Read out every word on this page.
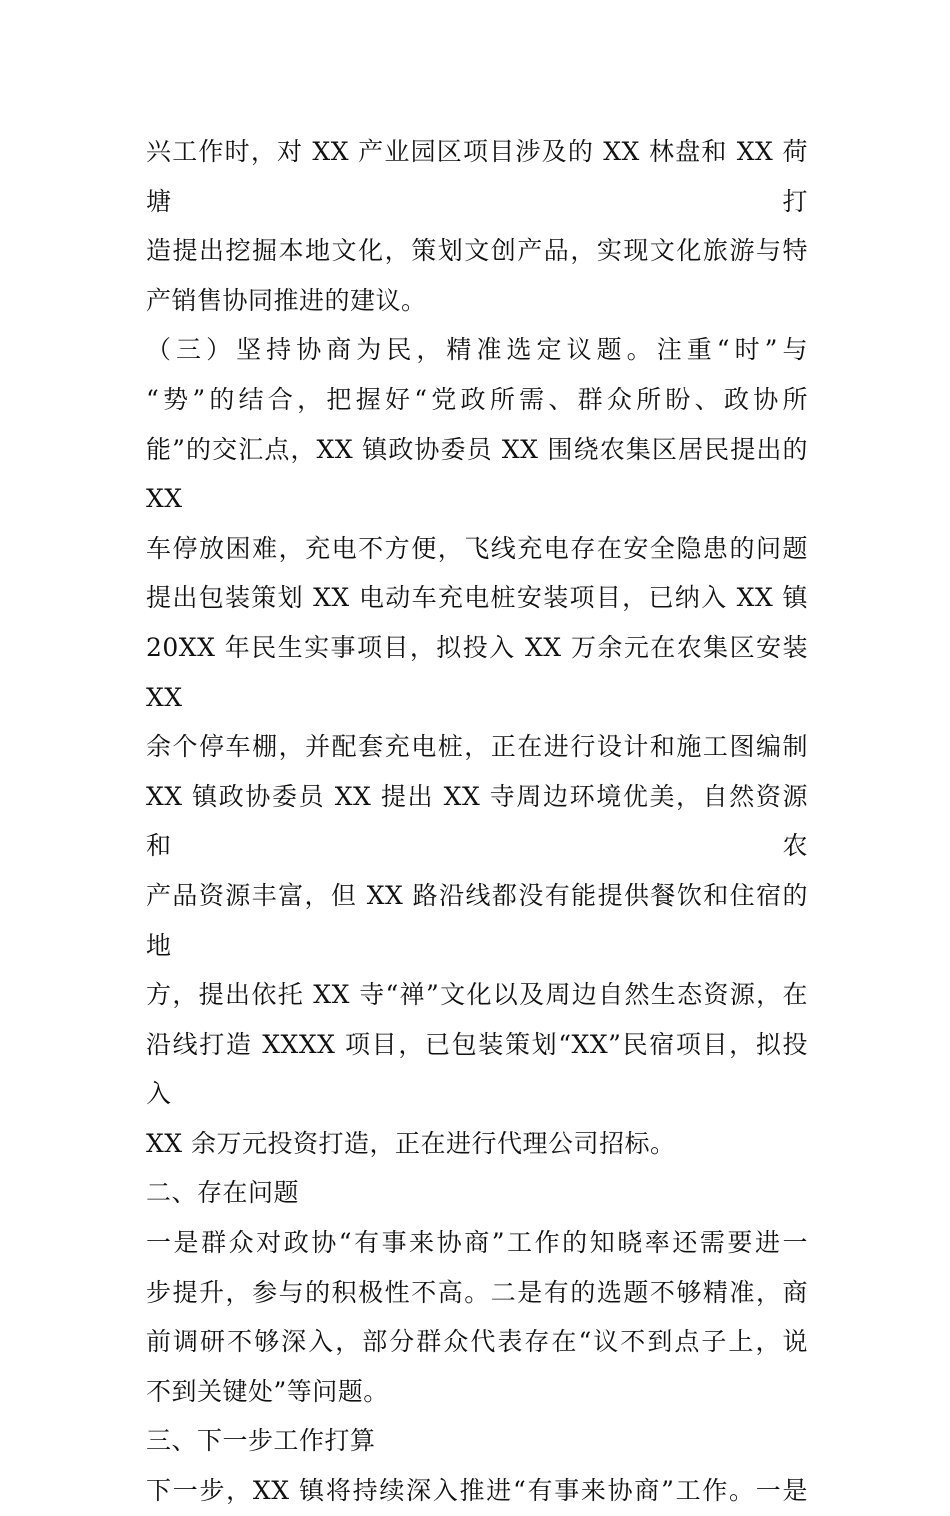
兴工作时，对 XX 产业园区项目涉及的 XX 林盘和 XX 荷塘打
造提出挖掘本地文化，策划文创产品，实现文化旅游与特
产销售协同推进的建议。
（三）坚持协商为民，精准选定议题。注重“时”与
“势”的结合，把握好“党政所需、群众所盼、政协所
能”的交汇点，XX 镇政协委员 XX 围绕农集区居民提出的 XX
车停放困难，充电不方便，飞线充电存在安全隐患的问题
提出包装策划 XX 电动车充电桩安装项目，已纳入 XX 镇
20XX 年民生实事项目，拟投入 XX 万余元在农集区安装 XX
余个停车棚，并配套充电桩，正在进行设计和施工图编制
XX 镇政协委员 XX 提出 XX 寺周边环境优美，自然资源和农
产品资源丰富，但 XX 路沿线都没有能提供餐饮和住宿的地
方，提出依托 XX 寺“禅”文化以及周边自然生态资源，在
沿线打造 XXXX 项目，已包装策划“XX”民宿项目，拟投入
XX 余万元投资打造，正在进行代理公司招标。
二、存在问题
一是群众对政协“有事来协商”工作的知晓率还需要进一
步提升，参与的积极性不高。二是有的选题不够精准，商
前调研不够深入，部分群众代表存在“议不到点子上，说
不到关键处”等问题。
三、下一步工作打算
下一步，XX 镇将持续深入推进“有事来协商”工作。一是
